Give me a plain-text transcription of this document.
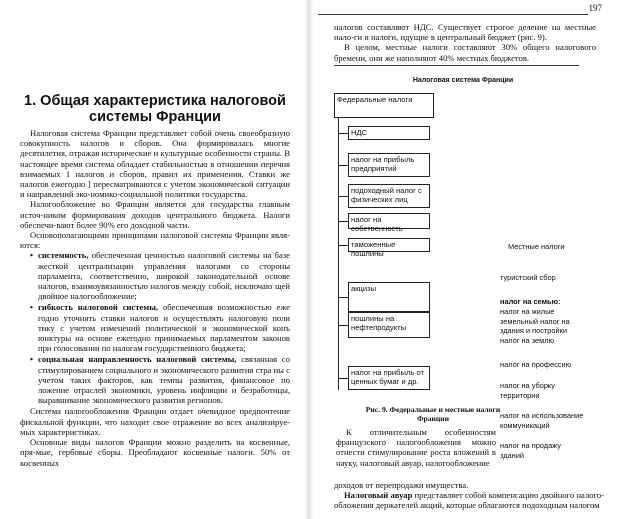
1. Общая характеристика налоговой системы Франции

Налоговая система Франции представляет собой очень своеобразную совокупность налогов и сборов. Она формировалась многие десятилетия, отражая исторические и культурные особенности страны. В настоящее время система обладает стабильностью в отношении перечня взимаемых 1 налогов и сборов, правил их применения. Ставки же налогов ежегодно ] пересматриваются с учетом экономической ситуации и направлений эко-номико-социальной политики государства.

Налогообложение во Франции является для государства главным источ-ником формирования доходов центрального бюджета. Налоги обеспечи-вают более 90% его доходной части.

Основополагающими принципами налоговой системы Франции явля-ются:

• системность, обеспеченная ценностью налоговой системы на базе жесткой централизации управления налогами со стороны парламента, соответственно, широкой законодательной основе налогов, взаимоувязанностью налогов между собой, исключаю щей двойное налогообложение;
• гибкость налоговой системы, обеспеченная возможностью еже годно уточнять ставки налогов и осуществлять налоговую поли тику с учетом изменений политической и экономической конъ юнктуры на основе ежегодно принимаемых парламентом законов при голосовании по налогам государственного бюджета;
• социальная направленность налоговой системы, связанная со стимулированием социального и экономического развития стра ны с учетом таких факторов, как темпы развития, финансовое по ложение отраслей экономики, уровень инфляции и безработицы, выравнивание экономического развития регионов.

Система налогообложения Франции отдает очевидное предпочтение фискальной функции, что находит свое отражение во всех анализируе-мых характеристиках.

Основные виды налогов Франции можно разделить на косвенные, пря-мые, гербовые сборы. Преобладают косвенные налоги. 50% от косвенных

197

налогов составляют НДС. Существует строгое деление на местные нало-ги и налоги, идущие в центральный бюджет (рис. 9).

В целом, местные налоги составляют 30% общего налогового бремени, они же наполняют 40% местных бюджетов.

Налоговая система Франции
Федеральные налоги
НДС
налог на прибыль предприятий
подоходный налог с физических лиц
налог на собственность
таможенные пошлины
акцизы
пошлины на нефтепродукты
налог на прибыль от ценных бумаг и др.
Местные налоги
туристский сбор
налог на семью:
налог на жилые
земельный налог на
здания и постройки
налог на землю
налог на профессию
налог на уборку
территории
налог на использование
коммуникаций
налог на продажу
зданий
Рис. 9. Федеральные и местные налоги Франции

К отличительным особенностям французского налогообложения можно отнести стимулирование роста вложений в науку, налоговый авуар, налогообложение

доходов от перепродажи имущества.

Налоговый авуар представляет собой компенсацию двойного налого-обложения держателей акций, которые облагаются подоходным налогом
